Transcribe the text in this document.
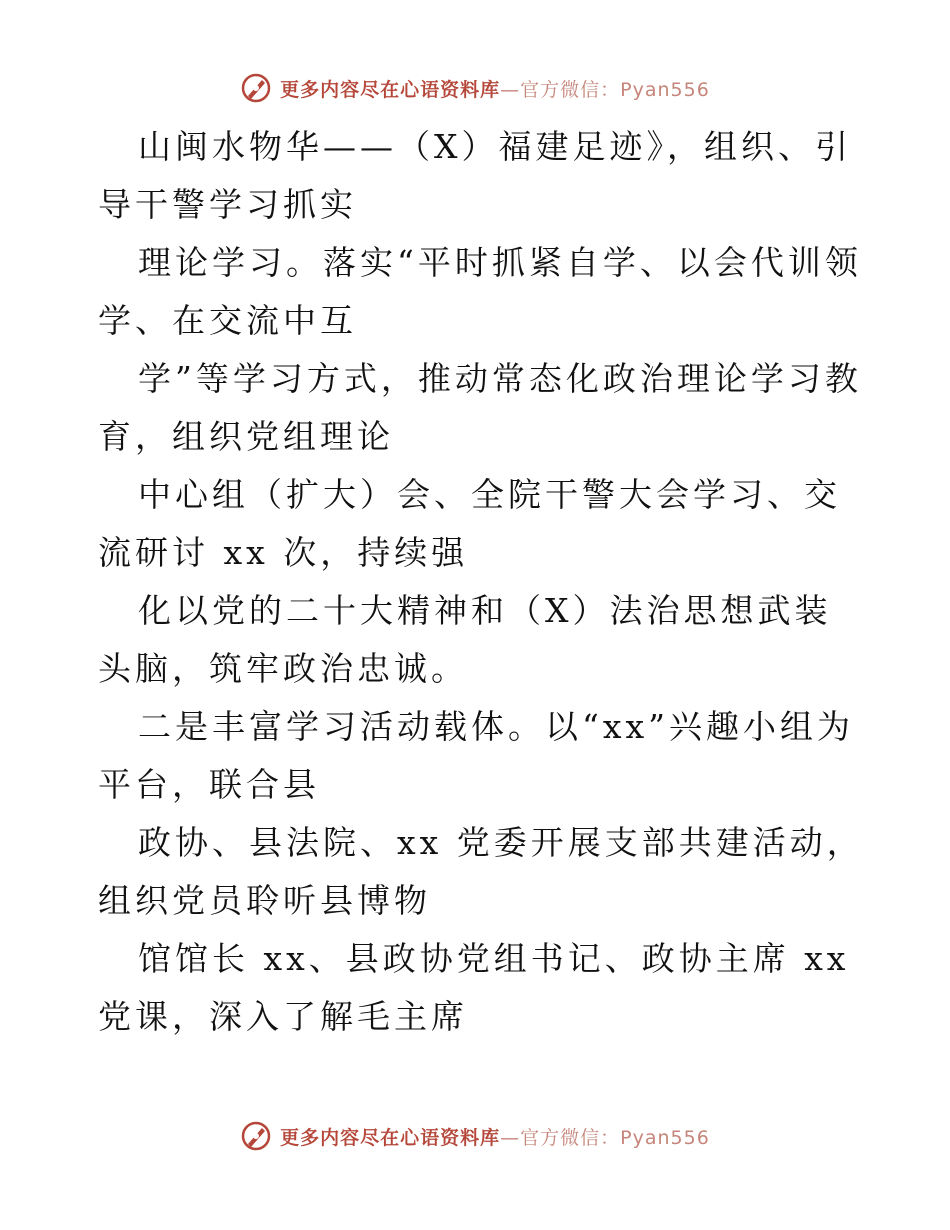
更多内容尽在心语资料库—官方微信：Pyan556

山闽水物华——（X）福建足迹》，组织、引导干警学习抓实

理论学习。落实“平时抓紧自学、以会代训领学、在交流中互

学”等学习方式，推动常态化政治理论学习教育，组织党组理论

中心组（扩大）会、全院干警大会学习、交流研讨 xx 次，持续强

化以党的二十大精神和（X）法治思想武装头脑，筑牢政治忠诚。

二是丰富学习活动载体。以“xx”兴趣小组为平台，联合县

政协、县法院、xx 党委开展支部共建活动，组织党员聆听县博物

馆馆长 xx、县政协党组书记、政协主席 xx 党课，深入了解毛主席

更多内容尽在心语资料库—官方微信：Pyan556
